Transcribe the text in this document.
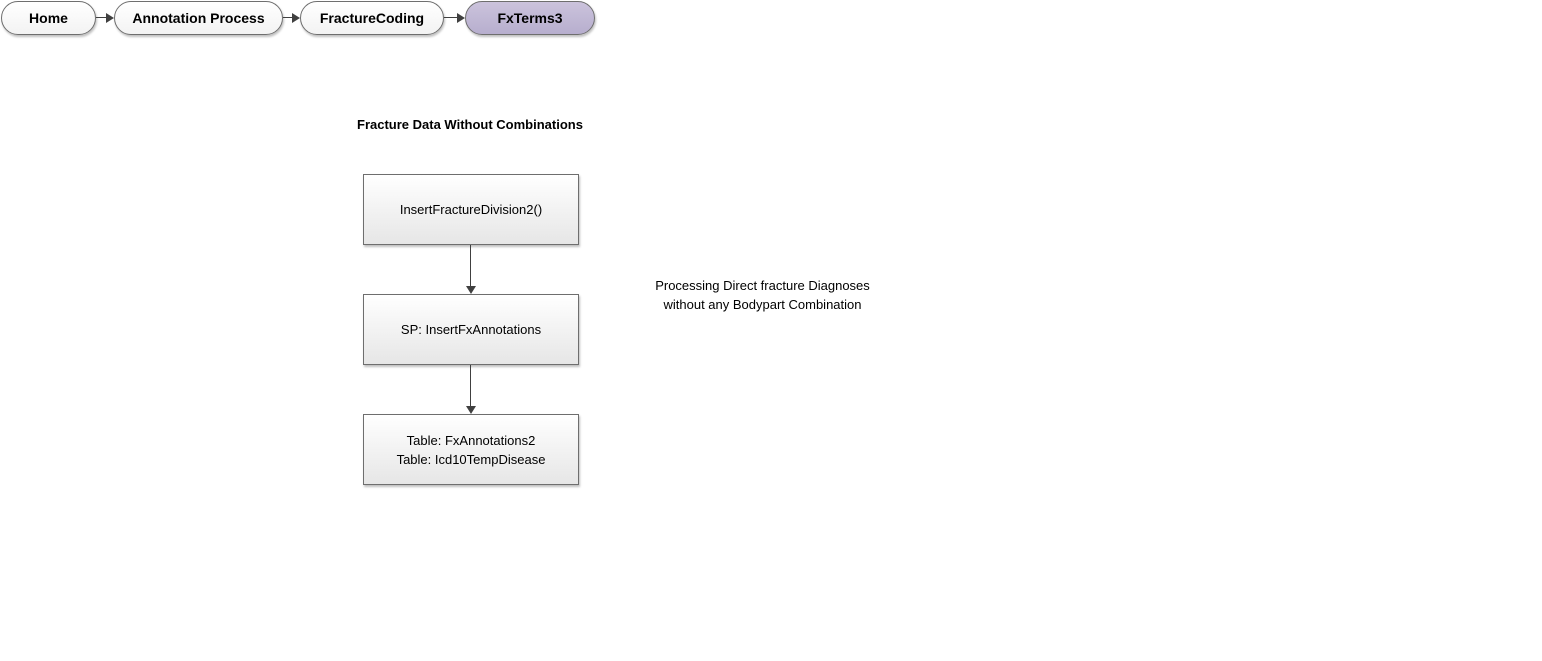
Home	Annotation Process	FractureCoding	FxTerms3
Fracture Data Without Combinations
InsertFractureDivision2()
SP: InsertFxAnnotations
Table: FxAnnotations2
Table: Icd10TempDisease
Processing Direct fracture Diagnoses
without any Bodypart Combination
